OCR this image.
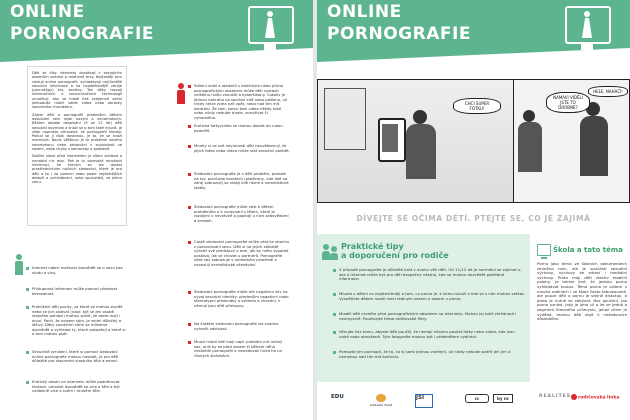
ONLINE
PORNOGRAFIE

Děti se díky internetu dostávají k sexuálním obsahům snadno a relativně brzy. Nejčastěji tam sledují online pornografii, vyhledávají nejrůznější sexuální informace a na nejoblíbenější zdroje (pornoklipy) tzv. sexting. Ten děky rozvoji informačních a komunikačních technologií umožňují, aby se mladí lidé vzájemně velmi jednoduše mohli sdílet videa nebo obrázky sexuálního charakteru.

Zájem dětí o pornografii především během dospívání není nijak novým a nenormálním. Během období dospívání (9 až 11 let) děti sexuální dovrnost a snaží se o tom také mluvit. Je však naprosto přirozené, že pornografii hledají. Pokud se jí však dostanou, je to, že se snaží rozmluvit. Navíc většinou je to prostředí nového smartphonu nebo sledování v souvislosti se sexem, nebo chyby s kamarády a podobně.

Dalším slovo před internetem je všem zvídavá a nenabízí nic moc. Pak je tu obrovské množství informací, ke kterým se lze dostat prostřednictvím nočních sledování, které je pro děti a to i za pomocí nebo podle nejčastějších dotazů a vyhledávání, nebo spolužáků, za jednu cenu.

Internet nabízí možnost dozvědět se o sexu bez studu a viny.
Přístupnost informací může pomoci překonat bezradnost.
Prohlížení děti pocity, za které se mohou stydět nebo se jich obávat (např. být se jen osobě stejného pohlaví) mohou zjistit, že takto mají i druzí. Pocit, že nejsem sám, je velmi důležitý a léčivý. Děky sociálním sítím se můžeme dozvědět a vyhledat ty, které zakoušejí a které si o tom mohou psát.
Sexuálně vzrušení, které si pomocí sledování online pornografie mohou navodit, je pro děti důležité pro zkoumání vlastního těla a emocí.
Erotický obsah na internetu může podněcovat fantazii, umožnit dozvědět se více o těle a být vzdáleně více o svém i druhém těle.
Sdílení videí a obrázků s erotickým nebo přímo pornografickým obsahem může děti vystavit velkému riziku zneužití a kyberšikany. Čokoliv je jednou nahráno na sociální sítě nebo pošleno, už nikdy nelze zcela vzít zpět, nebo nad tím mít kontrolu. Že tam, komu tam video někdy také nebo nikdy nebude trvale, zneužívat či výhodného.
Erotická fotky/videa se mohou dostat do rukou pedofilů.
Mnohy si ve své nevinnosti děti neuvědomují, že jejich fotka nebo video může stát sexuální podnět.
Sledování pornografie je v dětí problém, protože na tzv. porntube karatech (platformy, kde lidé na zdroj zobrazují) se vídají lidé různé a nerealistické ideály.
Sledování pornografie může vést k dětem problémům a k vyrovnání s tělem, které je rozvíjení v nevrávně a popírají u nich sebevědomí a zmatek.
Časté sledování pornografie může vést ke strachu z porovnávání sexu. Děti si na jejich základě vytváří své představy o tom, jak by měla vypadat postava, jak se chovat u partnerů. Pornografie však sex zobrazuje v nereálném prostředí a navozují nerealistické očekávání.
Sledování pornografie může mít negativní vliv na vývoj sexuální identity: především negativní nebo stereotypní předsudky o vzhledu a chování, k němuž jsou dítě přístupny.
Na častém sledování pornografie lze snadno vytvořit závislost.
Mnozí mladí lidé mají např. problém mít reálný sex, aniž by se před sexem či během něho neshlédli pornografii a nesledovali hned ho na různých stránkách.
ONLINE
PORNOGRAFIE
CHCI SUPER FOTKU!
NAMAVI VIDĚLI JSTE TO DROBNÉ?
HELE, NAHAČI!
DÍVEJTE SE OČIMA DĚTÍ. PTEJTE SE, CO JE ZAJÍMÁ
Praktické tipy
a doporučení pro rodiče
V případě pornografie je důležité brát v úvahu věk dětí. Od 11/12 let je normální se zajímat o sex a internet může být pro děti bezpečný nástroj, kde se mohou dozvědět potřebné informace.
Mluvte s dětmi co nejotevřeněji o tom, co porno je, k čemu slouží a kde se s ním mohou setkat. Vysvětlete dětem rozdíl mezi reálným sexem a sexem v porno.
Mladší děti chraňte před pornografickým obsahem na internetu. Mohou jej totiž zhlédnout i neúmyslně. Používejte třeba rodičovské filtry.
Věnujte čas tomu, abyste děti poučili, že nemají nikomu posílat fotky nebo videa, kde jsou nahé nebo obnažené. Tyto fotografie mohou být i předmětem vydírání.
Pomozte jim pochopit, že to, co si sami jednou zveřejní, už nikdy nebude patřit jen jim a nemohou nad tím mít kontrolu.
Škola a tato téma
Porno jako téma ve školních dokumentech zmíněno není, ale je součástí sexuální výchovy, výchovy ke zdraví i mediální výchovy. Proto mají děti vlastní mobilní polohy, je takhle jiné, že jednou porno vyhledávat budou. Téma porna je ovšem v mnoha rodinách i ve škole často tabuizované, ale pouze děti o pornu je stejně diskutují, a proto je nutné se zabývat. Bez poučení, jak porno vzniká, jaký je jeho cíl a že se jedná o segment filmového průmyslu, jehož cílem je vydělat, mohou děti dojít k nežádoucím důsledkům.
EDU
nadační fond
JSI	cc	by nc	REALITES	rodičovská linka
